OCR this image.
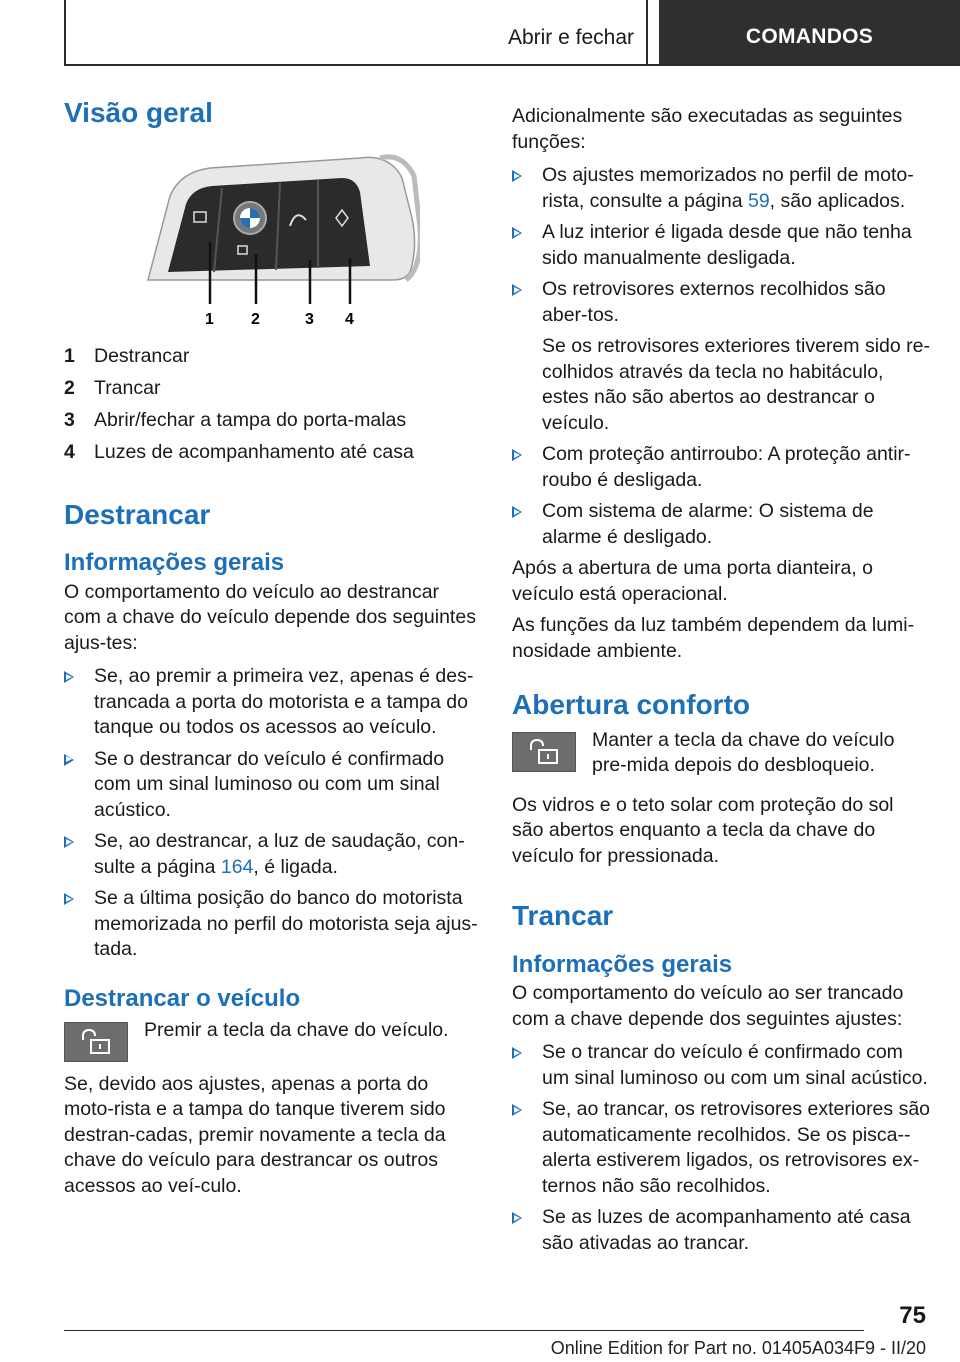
Abrir e fechar	COMANDOS
Visão geral
1 2	3 4
1 Destrancar
2 Trancar
3 Abrir/fechar a tampa do porta-malas
4 Luzes de acompanhamento até casa
Destrancar
Informações gerais

O comportamento do veículo ao destrancar com a chave do veículo depende dos seguintes ajus-tes:

Se, ao premir a primeira vez, apenas é des-trancada a porta do motorista e a tampa do tanque ou todos os acessos ao veículo.
Se o destrancar do veículo é confirmado com um sinal luminoso ou com um sinal acústico.
Se, ao destrancar, a luz de saudação, con-sulte a página 164, é ligada.
Se a última posição do banco do motorista memorizada no perfil do motorista seja ajus-tada.
Destrancar o veículo

Premir a tecla da chave do veículo.

Se, devido aos ajustes, apenas a porta do moto-rista e a tampa do tanque tiverem sido destran-cadas, premir novamente a tecla da chave do veículo para destrancar os outros acessos ao veí-culo.

Adicionalmente são executadas as seguintes funções:

Os ajustes memorizados no perfil de moto-rista, consulte a página 59, são aplicados.
A luz interior é ligada desde que não tenha sido manualmente desligada.
Os retrovisores externos recolhidos são aber-tos.
Se os retrovisores exteriores tiverem sido re-colhidos através da tecla no habitáculo, estes não são abertos ao destrancar o veículo.
Com proteção antirroubo: A proteção antir-roubo é desligada.
Com sistema de alarme: O sistema de alarme é desligado.

Após a abertura de uma porta dianteira, o veículo está operacional.

As funções da luz também dependem da lumi-nosidade ambiente.

Abertura conforto

Manter a tecla da chave do veículo pre-mida depois do desbloqueio.

Os vidros e o teto solar com proteção do sol são abertos enquanto a tecla da chave do veículo for pressionada.

Trancar
Informações gerais

O comportamento do veículo ao ser trancado com a chave depende dos seguintes ajustes:

Se o trancar do veículo é confirmado com um sinal luminoso ou com um sinal acústico.
Se, ao trancar, os retrovisores exteriores são automaticamente recolhidos. Se os pisca--alerta estiverem ligados, os retrovisores ex-ternos não são recolhidos.
Se as luzes de acompanhamento até casa são ativadas ao trancar.
75
Online Edition for Part no. 01405A034F9 - II/20
